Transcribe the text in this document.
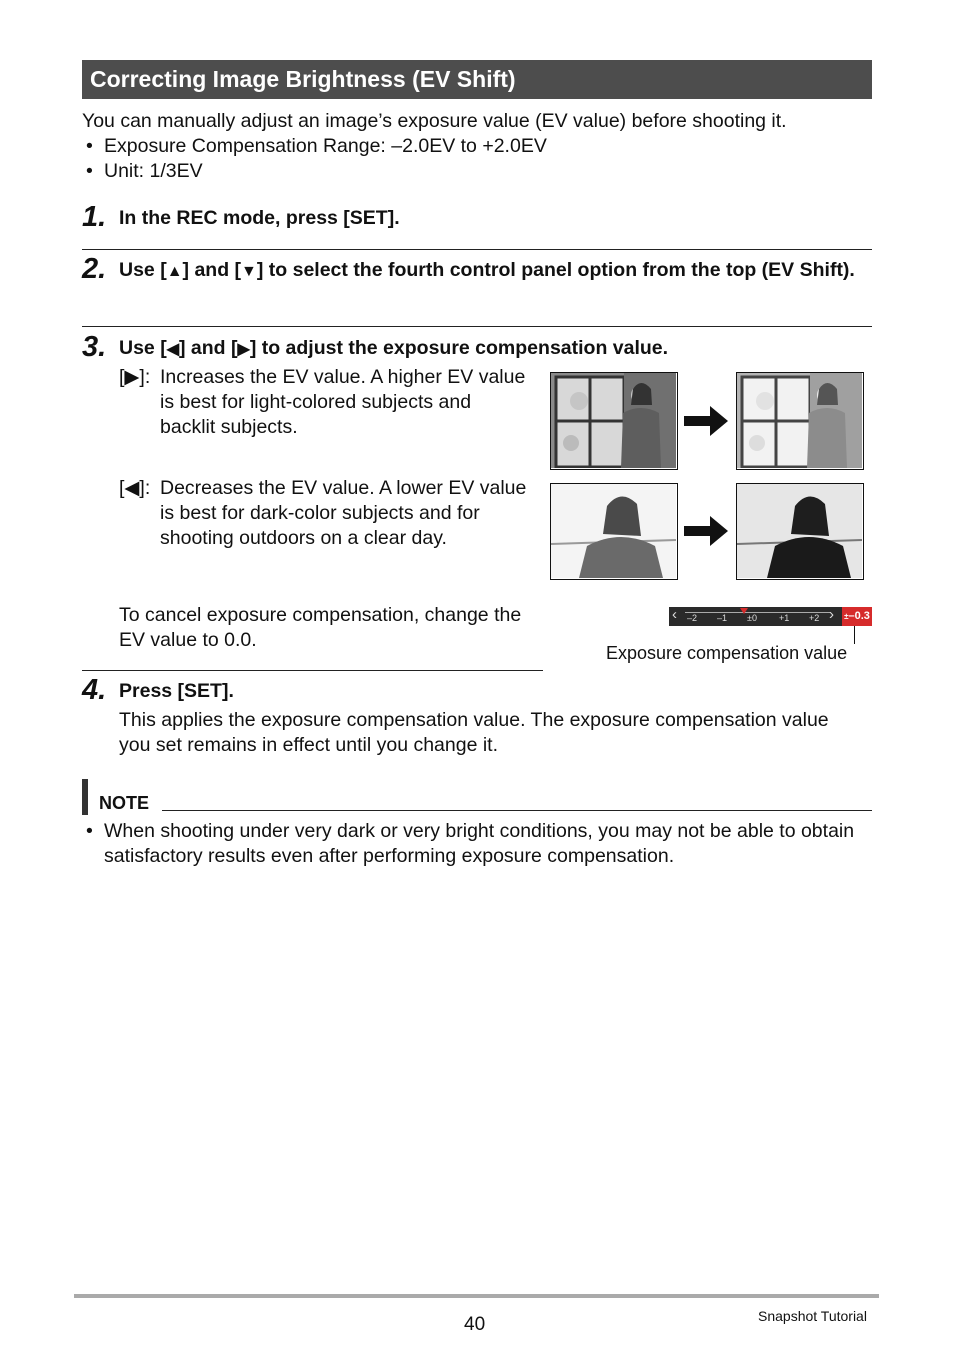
Correcting Image Brightness (EV Shift)
You can manually adjust an image’s exposure value (EV value) before shooting it.
• Exposure Compensation Range: –2.0EV to +2.0EV
• Unit: 1/3EV
1. In the REC mode, press [SET].
2. Use [▲] and [▼] to select the fourth control panel option from the top (EV Shift).
3. Use [◀] and [▶] to adjust the exposure compensation value.
[▶]: Increases the EV value. A higher EV value is best for light-colored subjects and backlit subjects.
[◀]: Decreases the EV value. A lower EV value is best for dark-color subjects and for shooting outdoors on a clear day.
To cancel exposure compensation, change the EV value to 0.0.
‹ –2 –1 ±0 +1 +2 › ±–0.3
Exposure compensation value
4. Press [SET].
This applies the exposure compensation value. The exposure compensation value you set remains in effect until you change it.
NOTE
• When shooting under very dark or very bright conditions, you may not be able to obtain satisfactory results even after performing exposure compensation.
40	Snapshot Tutorial
